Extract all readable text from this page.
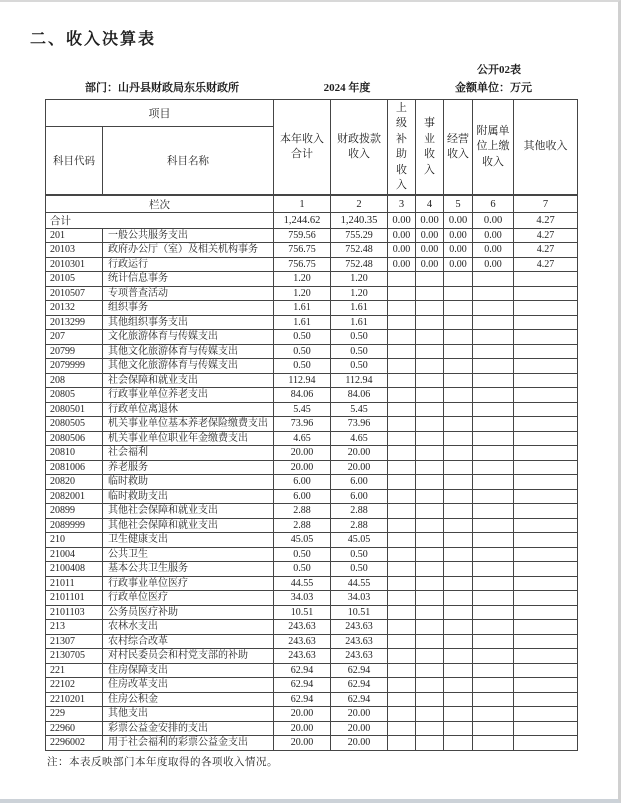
二、收入决算表
公开02表
部门：山丹县财政局东乐财政所	2024 年度	金额单位：万元
项目		本年收入合计	财政拨款收入	上级补助收入	事业收入	经营收入	附属单位上缴收入	其他收入
科目代码	科目名称							
栏次		1	2	3	4	5	6	7
合计		1,244.62	1,240.35	0.00	0.00	0.00	0.00	4.27
201	一般公共服务支出	759.56	755.29	0.00	0.00	0.00	0.00	4.27
20103	政府办公厅（室）及相关机构事务	756.75	752.48	0.00	0.00	0.00	0.00	4.27
2010301	行政运行	756.75	752.48	0.00	0.00	0.00	0.00	4.27
20105	统计信息事务	1.20	1.20					
2010507	专项普查活动	1.20	1.20					
20132	组织事务	1.61	1.61					
2013299	其他组织事务支出	1.61	1.61					
207	文化旅游体育与传媒支出	0.50	0.50					
20799	其他文化旅游体育与传媒支出	0.50	0.50					
2079999	其他文化旅游体育与传媒支出	0.50	0.50					
208	社会保障和就业支出	112.94	112.94					
20805	行政事业单位养老支出	84.06	84.06					
2080501	行政单位离退休	5.45	5.45					
2080505	机关事业单位基本养老保险缴费支出	73.96	73.96					
2080506	机关事业单位职业年金缴费支出	4.65	4.65					
20810	社会福利	20.00	20.00					
2081006	养老服务	20.00	20.00					
20820	临时救助	6.00	6.00					
2082001	临时救助支出	6.00	6.00					
20899	其他社会保障和就业支出	2.88	2.88					
2089999	其他社会保障和就业支出	2.88	2.88					
210	卫生健康支出	45.05	45.05					
21004	公共卫生	0.50	0.50					
2100408	基本公共卫生服务	0.50	0.50					
21011	行政事业单位医疗	44.55	44.55					
2101101	行政单位医疗	34.03	34.03					
2101103	公务员医疗补助	10.51	10.51					
213	农林水支出	243.63	243.63					
21307	农村综合改革	243.63	243.63					
2130705	对村民委员会和村党支部的补助	243.63	243.63					
221	住房保障支出	62.94	62.94					
22102	住房改革支出	62.94	62.94					
2210201	住房公积金	62.94	62.94					
229	其他支出	20.00	20.00					
22960	彩票公益金安排的支出	20.00	20.00					
2296002	用于社会福利的彩票公益金支出	20.00	20.00					
注：本表反映部门本年度取得的各项收入情况。
